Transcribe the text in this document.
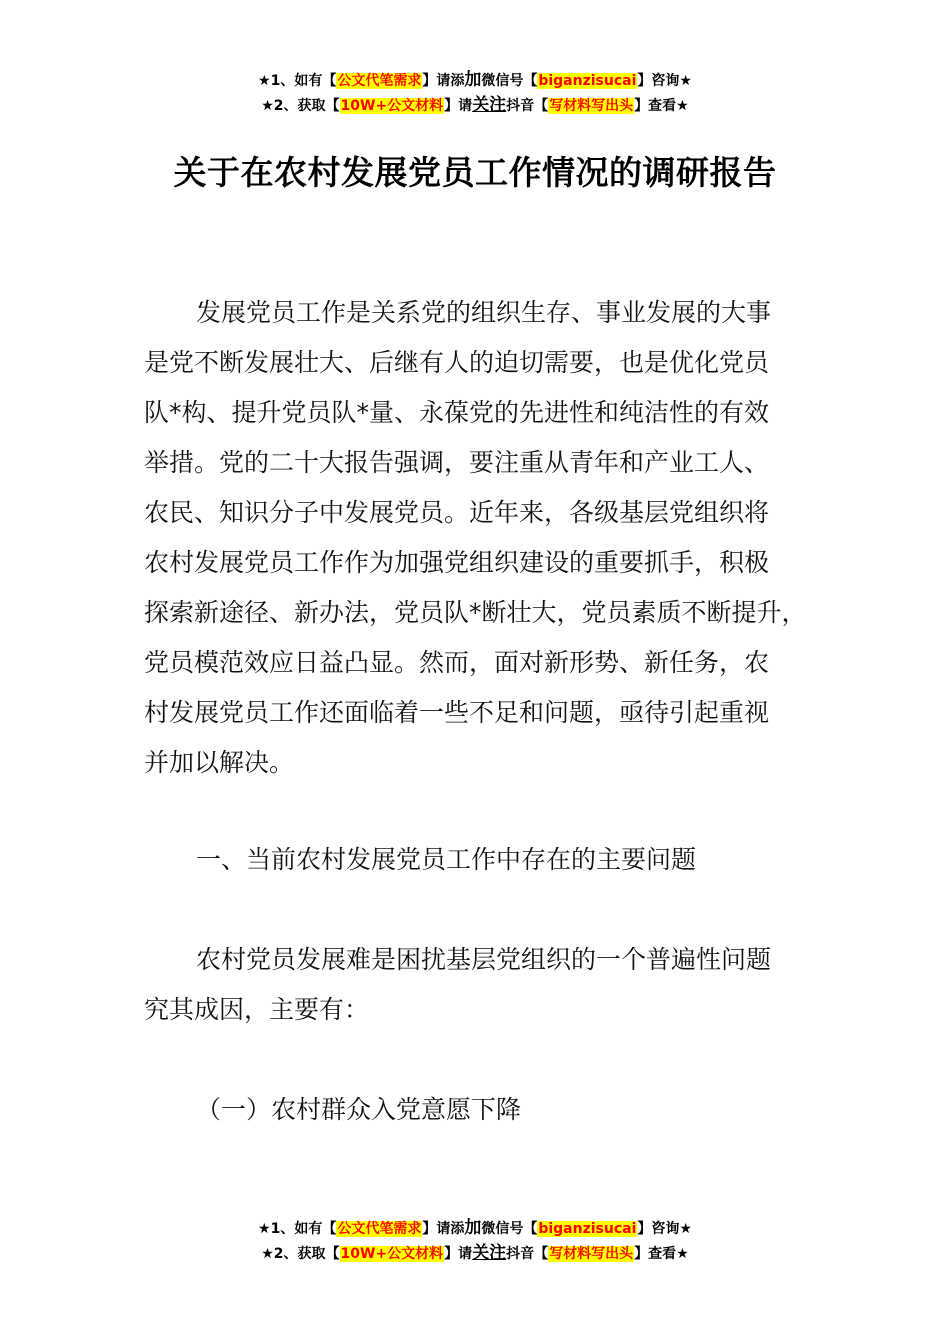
★1、如有【公文代笔需求】请添加微信号【biganzisucai】咨询★
★2、获取【10W+公文材料】请关注抖音【写材料写出头】查看★
关于在农村发展党员工作情况的调研报告
发展党员工作是关系党的组织生存、事业发展的大事
是党不断发展壮大、后继有人的迫切需要，也是优化党员
队*构、提升党员队*量、永葆党的先进性和纯洁性的有效
举措。党的二十大报告强调，要注重从青年和产业工人、
农民、知识分子中发展党员。近年来，各级基层党组织将
农村发展党员工作作为加强党组织建设的重要抓手，积极
探索新途径、新办法，党员队*断壮大，党员素质不断提升，
党员模范效应日益凸显。然而，面对新形势、新任务，农
村发展党员工作还面临着一些不足和问题，亟待引起重视
并加以解决。
一、当前农村发展党员工作中存在的主要问题
农村党员发展难是困扰基层党组织的一个普遍性问题
究其成因，主要有：
（一）农村群众入党意愿下降
★1、如有【公文代笔需求】请添加微信号【biganzisucai】咨询★
★2、获取【10W+公文材料】请关注抖音【写材料写出头】查看★
